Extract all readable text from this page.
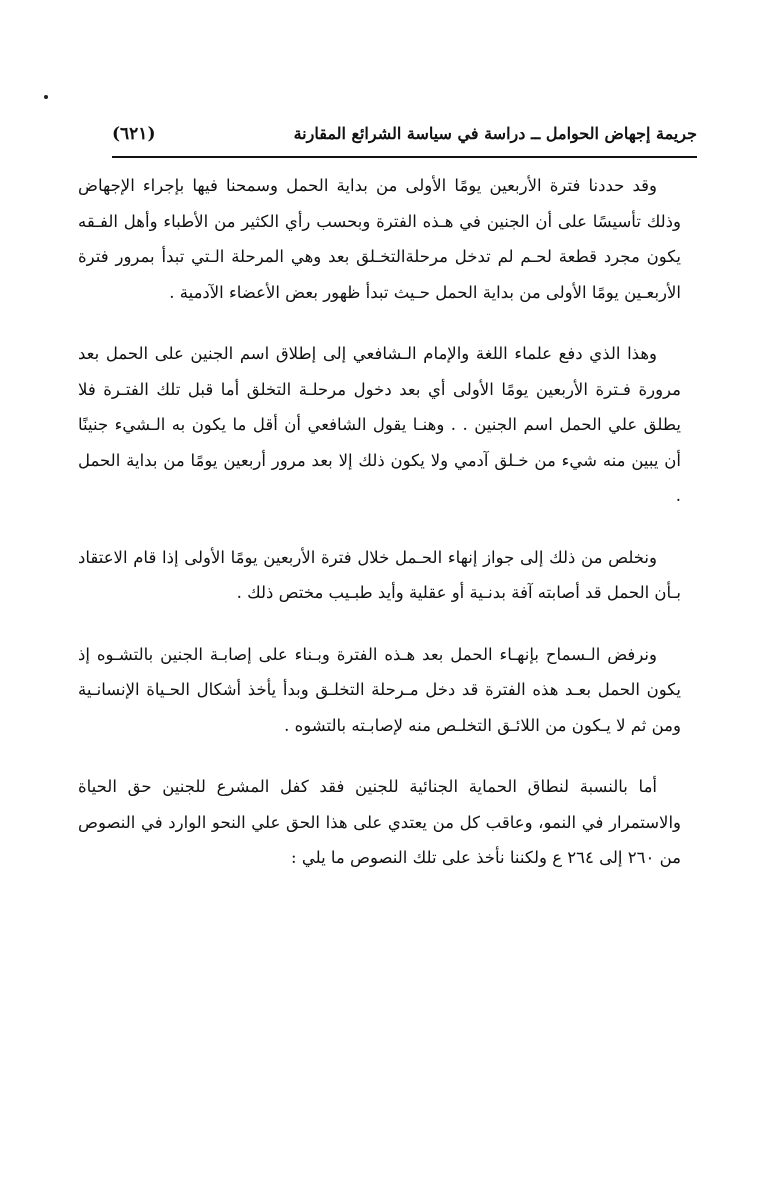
جريمة إجهاض الحوامل ــ دراسة في سياسة الشرائع المقارنة
(٦٢١)

وقد حددنا فترة الأربعين يومًا الأولى من بداية الحمل وسمحنا فيها بإجراء الإجهاض وذلك تأسيسًا على أن الجنين في هـذه الفترة وبحسب رأي الكثير من الأطباء وأهل الفـقه يكون مجرد قطعة لحـم لم تدخل مرحلةالتخـلق بعد وهي المرحلة الـتي تبدأ بمرور فترة الأربعـين يومًا الأولى من بداية الحمل حـيث تبدأ ظهور بعض الأعضاء الآدمية .

وهذا الذي دفع علماء اللغة والإمام الـشافعي إلى إطلاق اسم الجنين على الحمل بعد مرورة فـترة الأربعين يومًا الأولى أي بعد دخول مرحلـة التخلق أما قبل تلك الفتـرة فلا يطلق علي الحمل اسم الجنين . . وهنـا يقول الشافعي أن أقل ما يكون به الـشيء جنينًا أن يبين منه شيء من خـلق آدمي ولا يكون ذلك إلا بعد مرور أربعين يومًا من بداية الحمل .

ونخلص من ذلك إلى جواز إنهاء الحـمل خلال فترة الأربعين يومًا الأولى إذا قام الاعتقاد بـأن الحمل قد أصابته آفة بدنـية أو عقلية وأيد طبـيب مختص ذلك .

ونرفض الـسماح بإنهـاء الحمل بعد هـذه الفترة وبـناء على إصابـة الجنين بالتشـوه إذ يكون الحمل بعـد هذه الفترة قد دخل مـرحلة التخلـق وبدأ يأخذ أشكال الحـياة الإنسانـية ومن ثم لا يـكون من اللائـق التخلـص منه لإصابـته بالتشوه .

أما بالنسبة لنطاق الحماية الجنائية للجنين فقد كفل المشرع للجنين حق الحياة والاستمرار في النمو، وعاقب كل من يعتدي على هذا الحق علي النحو الوارد في النصوص من ٢٦٠ إلى ٢٦٤ ع ولكننا نأخذ على تلك النصوص ما يلي :
